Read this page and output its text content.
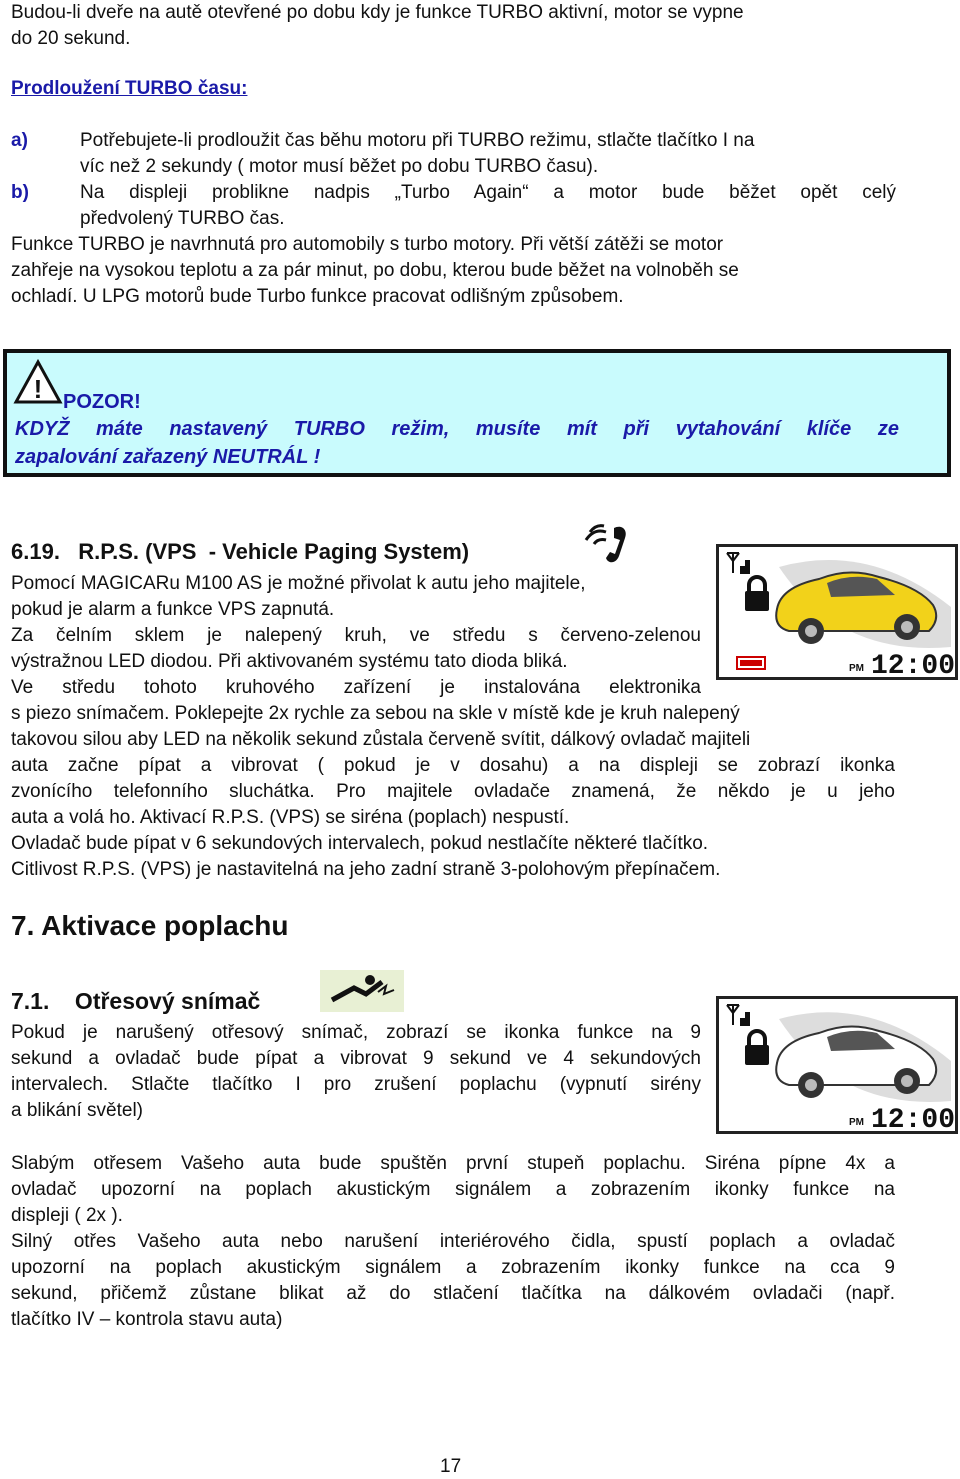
Budou-li dveře na autě otevřené po dobu kdy je funkce TURBO aktivní, motor se vypne
do 20 sekund.
Prodloužení TURBO času:
a)	Potřebujete-li prodloužit čas běhu motoru při TURBO režimu, stlačte tlačítko I na
víc než 2 sekundy ( motor musí běžet po dobu TURBO času).
b)	Na displeji problikne nadpis „Turbo Again“ a motor bude běžet opět celý
předvolený TURBO čas.
Funkce TURBO je navrhnutá pro automobily s turbo motory. Při větší zátěži se motor
zahřeje na vysokou teplotu a za pár minut, po dobu, kterou bude běžet na volnoběh se
ochladí. U LPG motorů bude Turbo funkce pracovat odlišným způsobem.
! POZOR!
KDYŽ máte nastavený TURBO režim, musíte mít při vytahování klíče ze
zapalování zařazený NEUTRÁL !
6.19.   R.P.S. (VPS  - Vehicle Paging System)
Pomocí MAGICARu M100 AS je možné přivolat k autu jeho majitele,
pokud je alarm a funkce VPS zapnutá.
Za čelním sklem je nalepený kruh, ve středu s červeno-zelenou
výstražnou LED diodou. Při aktivovaném systému tato dioda bliká.
Ve středu tohoto kruhového zařízení je instalována elektronika
s piezo snímačem. Poklepejte 2x rychle za sebou na skle v místě kde je kruh nalepený
takovou silou aby LED na několik sekund zůstala červeně svítit, dálkový ovladač majiteli
auta začne pípat a vibrovat ( pokud je v dosahu) a na displeji se zobrazí ikonka
zvonícího telefonního sluchátka. Pro majitele ovladače znamená, že někdo je u jeho
auta a volá ho. Aktivací R.P.S. (VPS) se siréna (poplach) nespustí.
Ovladač bude pípat v 6 sekundových intervalech, pokud nestlačíte některé tlačítko.
Citlivost R.P.S. (VPS) je nastavitelná na jeho zadní straně 3-polohovým přepínačem.
PM 12:00
7. Aktivace poplachu
7.1.    Otřesový snímač
Pokud je narušený otřesový snímač, zobrazí se ikonka funkce na 9
sekund a ovladač bude pípat a vibrovat 9 sekund ve 4 sekundových
intervalech. Stlačte tlačítko I pro zrušení poplachu (vypnutí sirény
a blikání světel)
PM 12:00
Slabým otřesem Vašeho auta bude spuštěn první stupeň poplachu. Siréna pípne 4x a
ovladač upozorní na poplach akustickým signálem a zobrazením ikonky funkce na
displeji ( 2x ).
Silný otřes Vašeho auta nebo narušení interiérového čidla, spustí poplach a ovladač
upozorní na poplach akustickým signálem a zobrazením ikonky funkce na cca 9
sekund, přičemž zůstane blikat až do stlačení tlačítka na dálkovém ovladači (např.
tlačítko IV – kontrola stavu auta)
17
